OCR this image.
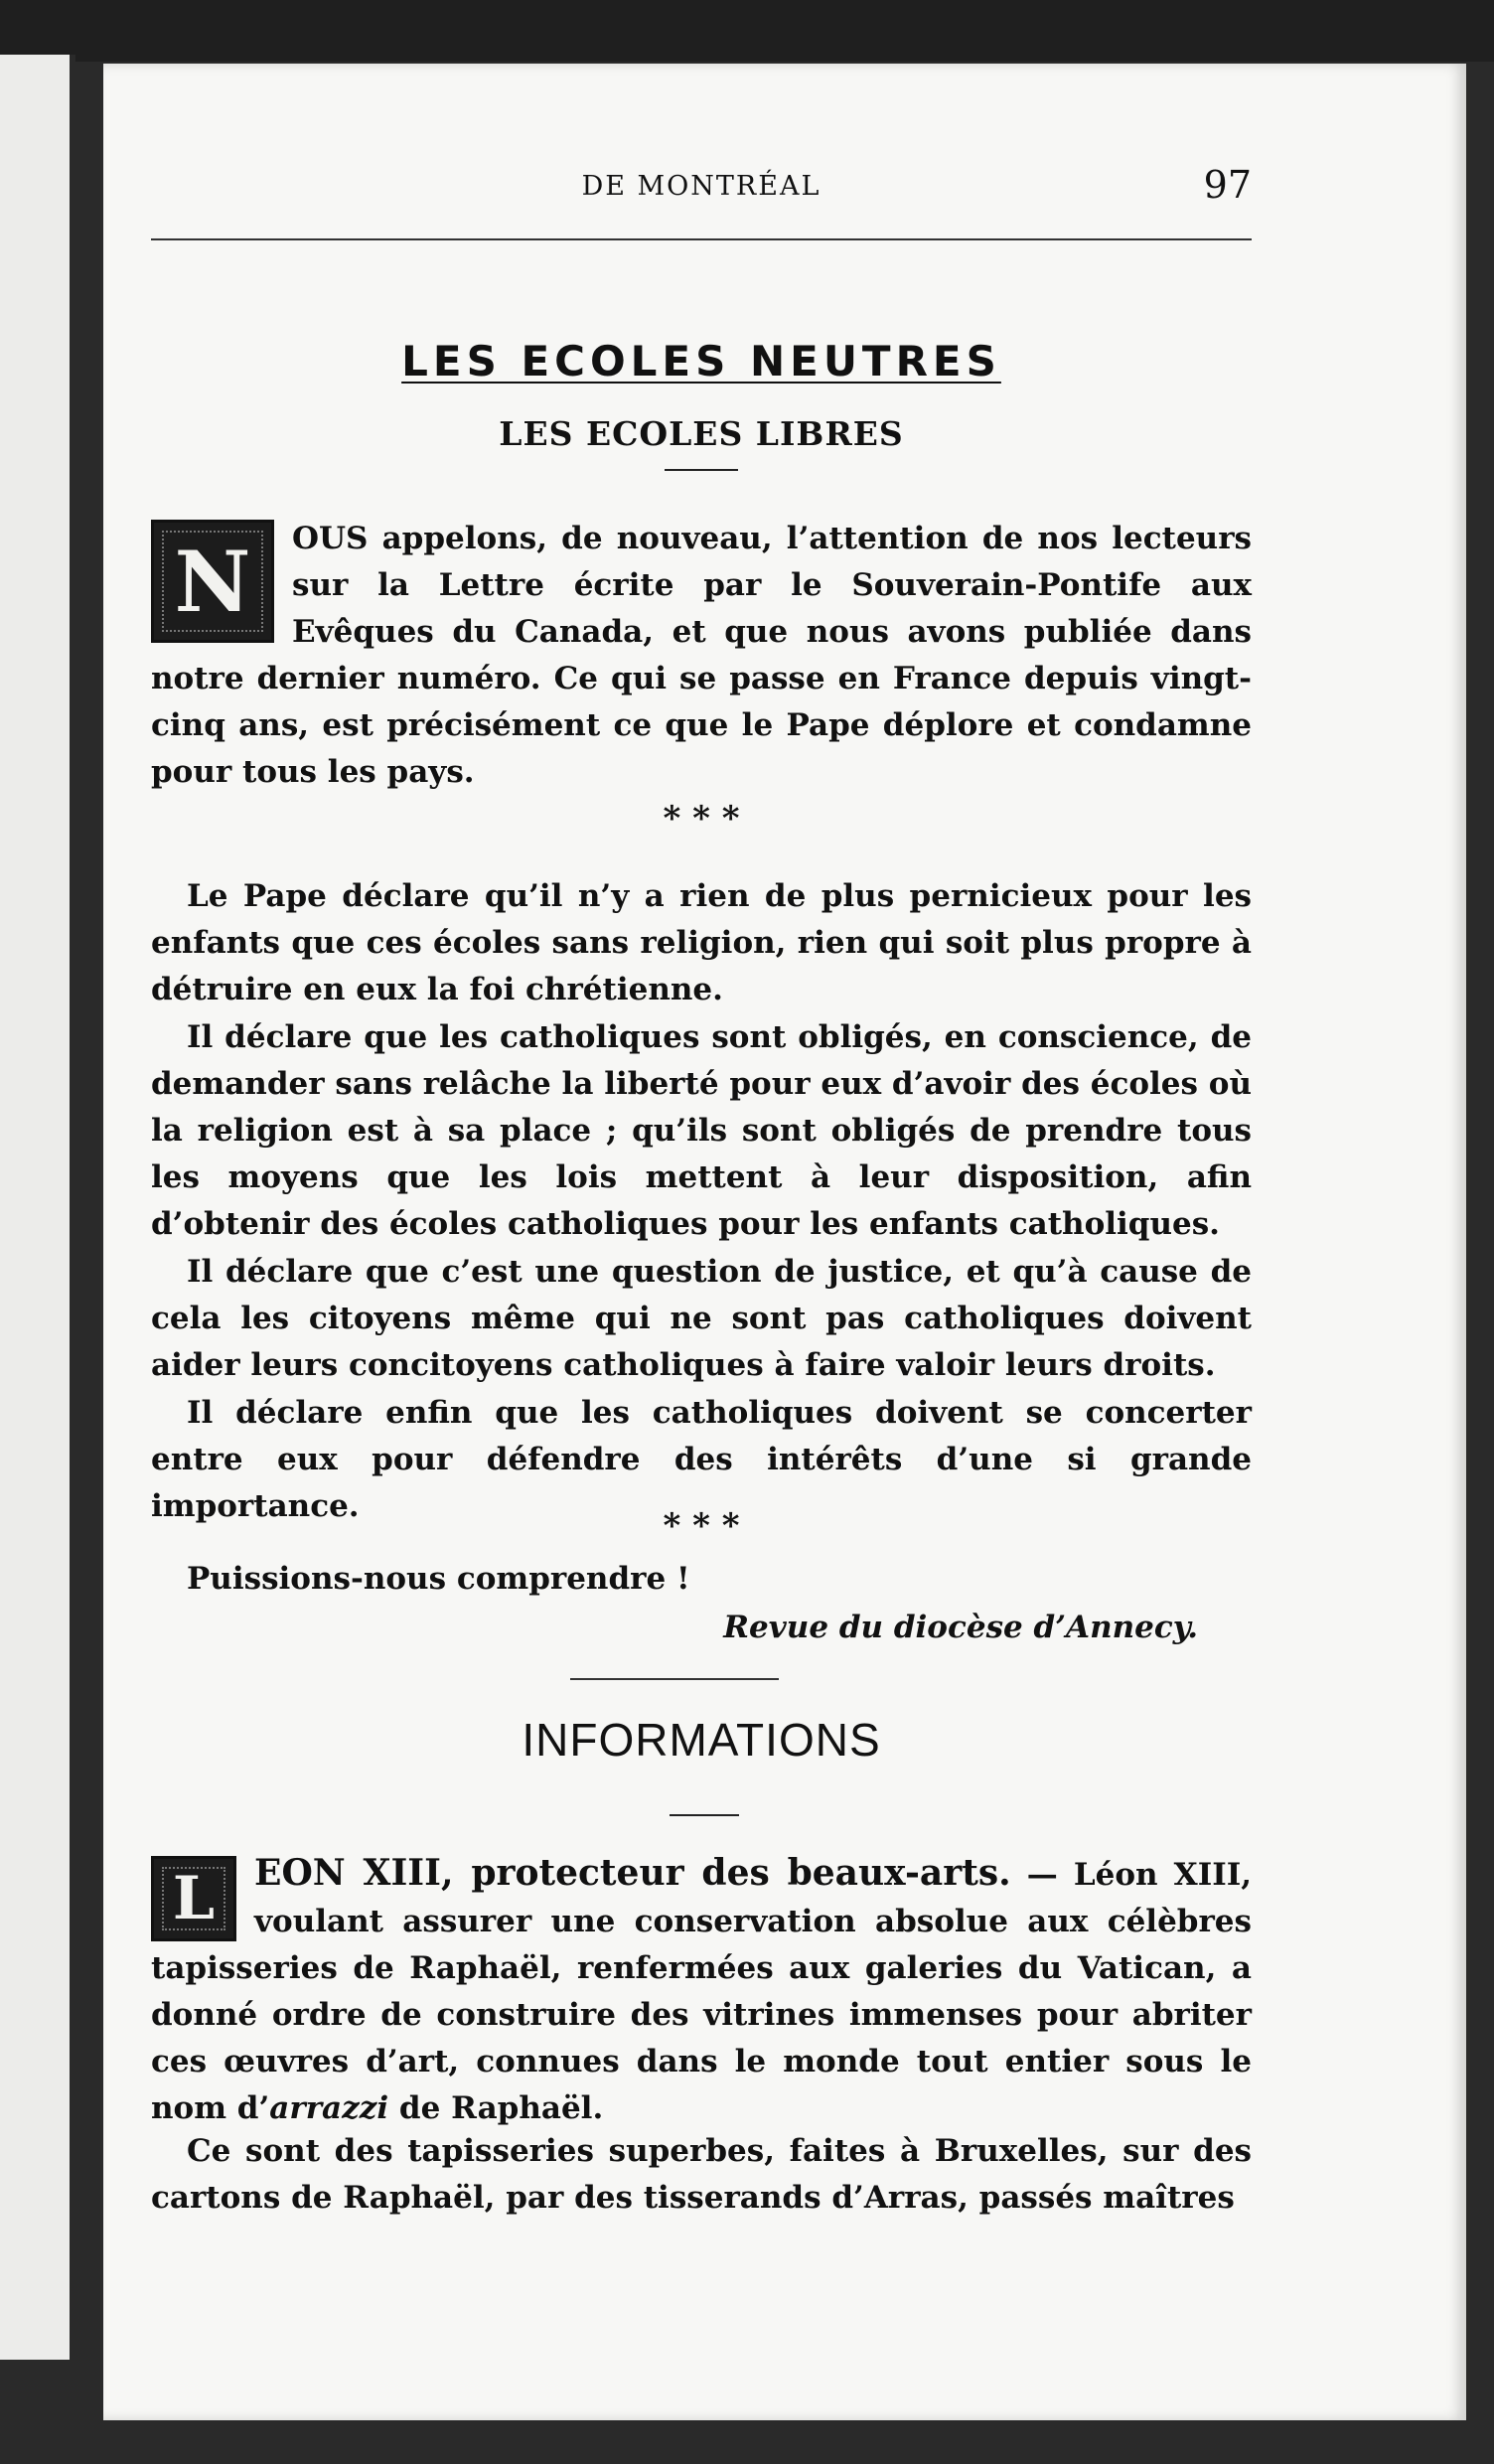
DE MONTRÉAL	97
LES ECOLES NEUTRES
LES ECOLES LIBRES
N OUS appelons, de nouveau, l’attention de nos lecteurs sur la Lettre écrite par le Souverain-Pontife aux Evêques du Canada, et que nous avons publiée dans notre dernier numéro. Ce qui se passe en France depuis vingt-cinq ans, est précisément ce que le Pape déplore et condamne pour tous les pays.
* * *
Le Pape déclare qu’il n’y a rien de plus pernicieux pour les enfants que ces écoles sans religion, rien qui soit plus propre à détruire en eux la foi chrétienne.
Il déclare que les catholiques sont obligés, en conscience, de demander sans relâche la liberté pour eux d’avoir des écoles où la religion est à sa place ; qu’ils sont obligés de prendre tous les moyens que les lois mettent à leur disposition, afin d’obtenir des écoles catholiques pour les enfants catholiques.
Il déclare que c’est une question de justice, et qu’à cause de cela les citoyens même qui ne sont pas catholiques doivent aider leurs concitoyens catholiques à faire valoir leurs droits.
Il déclare enfin que les catholiques doivent se concerter entre eux pour défendre des intérêts d’une si grande importance.	* * *
Puissions-nous comprendre !
Revue du diocèse d’Annecy.
INFORMATIONS
L EON XIII, protecteur des beaux-arts. — Léon XIII, voulant assurer une conservation absolue aux célèbres tapisseries de Raphaël, renfermées aux galeries du Vatican, a donné ordre de construire des vitrines immenses pour abriter ces œuvres d’art, connues dans le monde tout entier sous le nom d’arrazzi de Raphaël.
Ce sont des tapisseries superbes, faites à Bruxelles, sur des cartons de Raphaël, par des tisserands d’Arras, passés maîtres
